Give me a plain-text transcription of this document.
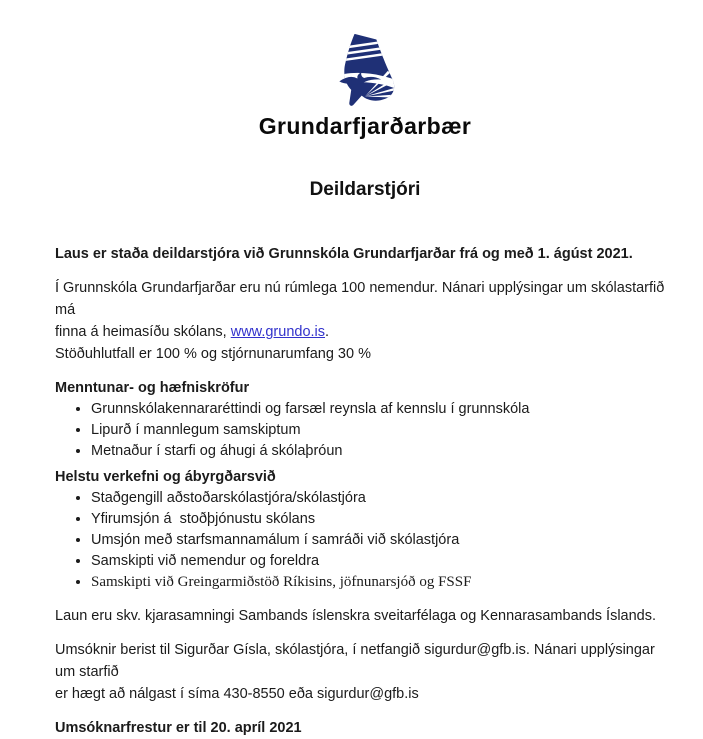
Grundarfjarðarbær
Deildarstjóri

Laus er staða deildarstjóra við Grunnskóla Grundarfjarðar frá og með 1. ágúst 2021.

Í Grunnskóla Grundarfjarðar eru nú rúmlega 100 nemendur. Nánari upplýsingar um skólastarfið má
finna á heimasíðu skólans, www.grundo.is.
Stöðuhlutfall er 100 % og stjórnunarumfang 30 %

Menntunar- og hæfniskröfur

• Grunnskólakennararéttindi og farsæl reynsla af kennslu í grunnskóla
• Lipurð í mannlegum samskiptum
• Metnaður í starfi og áhugi á skólaþróun

Helstu verkefni og ábyrgðarsvið

• Staðgengill aðstoðarskólastjóra/skólastjóra
• Yfirumsjón á  stoðþjónustu skólans
• Umsjón með starfsmannamálum í samráði við skólastjóra
• Samskipti við nemendur og foreldra
• Samskipti við Greingarmiðstöð Ríkisins, jöfnunarsjóð og FSSF

Laun eru skv. kjarasamningi Sambands íslenskra sveitarfélaga og Kennarasambands Íslands.

Umsóknir berist til Sigurðar Gísla, skólastjóra, í netfangið sigurdur@gfb.is. Nánari upplýsingar um starfið
er hægt að nálgast í síma 430-8550 eða sigurdur@gfb.is

Umsóknarfrestur er til 20. apríl 2021
